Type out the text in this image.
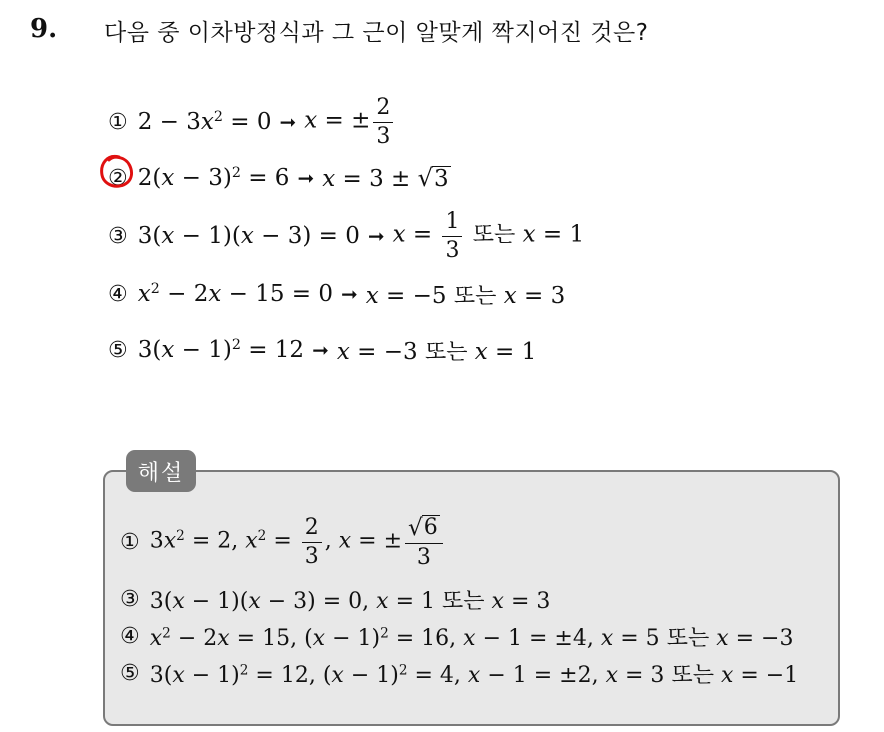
9. 다음 중 이차방정식과 그 근이 알맞게 짝지어진 것은?
① $2 - 3x^2 = 0$ ➞ x = ± $\frac{2}{3}$
② $2(x - 3)^2 = 6$ ➞ x = 3 ± √ 3
③ 3(x − 1)(x − 3) = 0 ➞ $x = \frac{1}{3}$ 또는 x = 1
④ $x^2 - 2x - 15 = 0$ ➞ x = −5 또는 x = 3
⑤ $3(x - 1)^2 = 12$ ➞ x = −3 또는 x = 1
해설
① $3x^2 = 2$, $x^2 = \frac{2}{3}$ , x = ± $\frac{√ 6}{3}$
③ 3(x − 1)(x − 3) = 0, x = 1 또는 x = 3
④ $x^2 - 2x = 15$, $(x - 1)^2 = 16$, x − 1 = ±4, x = 5 또는 x = −3
⑤ $3(x - 1)^2 = 12$, $(x - 1)^2 = 4$, x − 1 = ±2, x = 3 또는 x = −1
